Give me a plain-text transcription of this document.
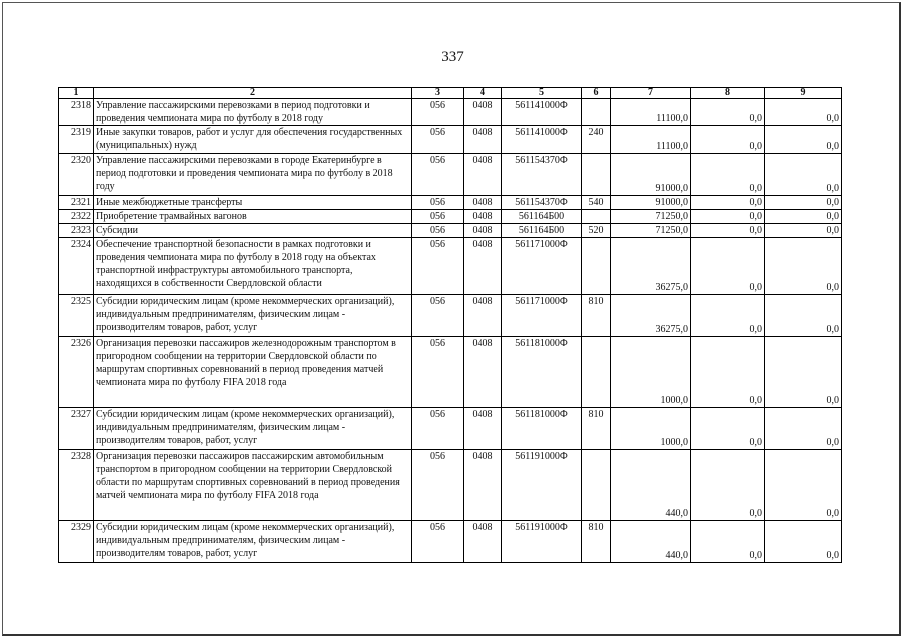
337
1	2	3	4	5	6	7	8	9
2318	Управление пассажирскими перевозками в период подготовки и проведения чемпионата мира по футболу в 2018 году	056	0408	561141000Ф		11100,0	0,0	0,0
2319	Иные закупки товаров, работ и услуг для обеспечения государственных (муниципальных) нужд	056	0408	561141000Ф	240	11100,0	0,0	0,0
2320	Управление пассажирскими перевозками в городе Екатеринбурге в период подготовки и проведения чемпионата мира по футболу в 2018 году	056	0408	561154370Ф		91000,0	0,0	0,0
2321	Иные межбюджетные трансферты	056	0408	561154370Ф	540	91000,0	0,0	0,0
2322	Приобретение трамвайных вагонов	056	0408	561164Б00		71250,0	0,0	0,0
2323	Субсидии	056	0408	561164Б00	520	71250,0	0,0	0,0
2324	Обеспечение транспортной безопасности в рамках подготовки и проведения чемпионата мира по футболу в 2018 году на объектах транспортной инфраструктуры автомобильного транспорта, находящихся в собственности Свердловской области	056	0408	561171000Ф		36275,0	0,0	0,0
2325	Субсидии юридическим лицам (кроме некоммерческих организаций), индивидуальным предпринимателям, физическим лицам - производителям товаров, работ, услуг	056	0408	561171000Ф	810	36275,0	0,0	0,0
2326	Организация перевозки пассажиров железнодорожным транспортом в пригородном сообщении на территории Свердловской области по маршрутам спортивных соревнований в период проведения матчей чемпионата мира по футболу FIFA 2018 года	056	0408	561181000Ф		1000,0	0,0	0,0
2327	Субсидии юридическим лицам (кроме некоммерческих организаций), индивидуальным предпринимателям, физическим лицам - производителям товаров, работ, услуг	056	0408	561181000Ф	810	1000,0	0,0	0,0
2328	Организация перевозки пассажиров пассажирским автомобильным транспортом в пригородном сообщении на территории Свердловской области по маршрутам спортивных соревнований в период проведения матчей чемпионата мира по футболу FIFA 2018 года	056	0408	561191000Ф		440,0	0,0	0,0
2329	Субсидии юридическим лицам (кроме некоммерческих организаций), индивидуальным предпринимателям, физическим лицам - производителям товаров, работ, услуг	056	0408	561191000Ф	810	440,0	0,0	0,0
